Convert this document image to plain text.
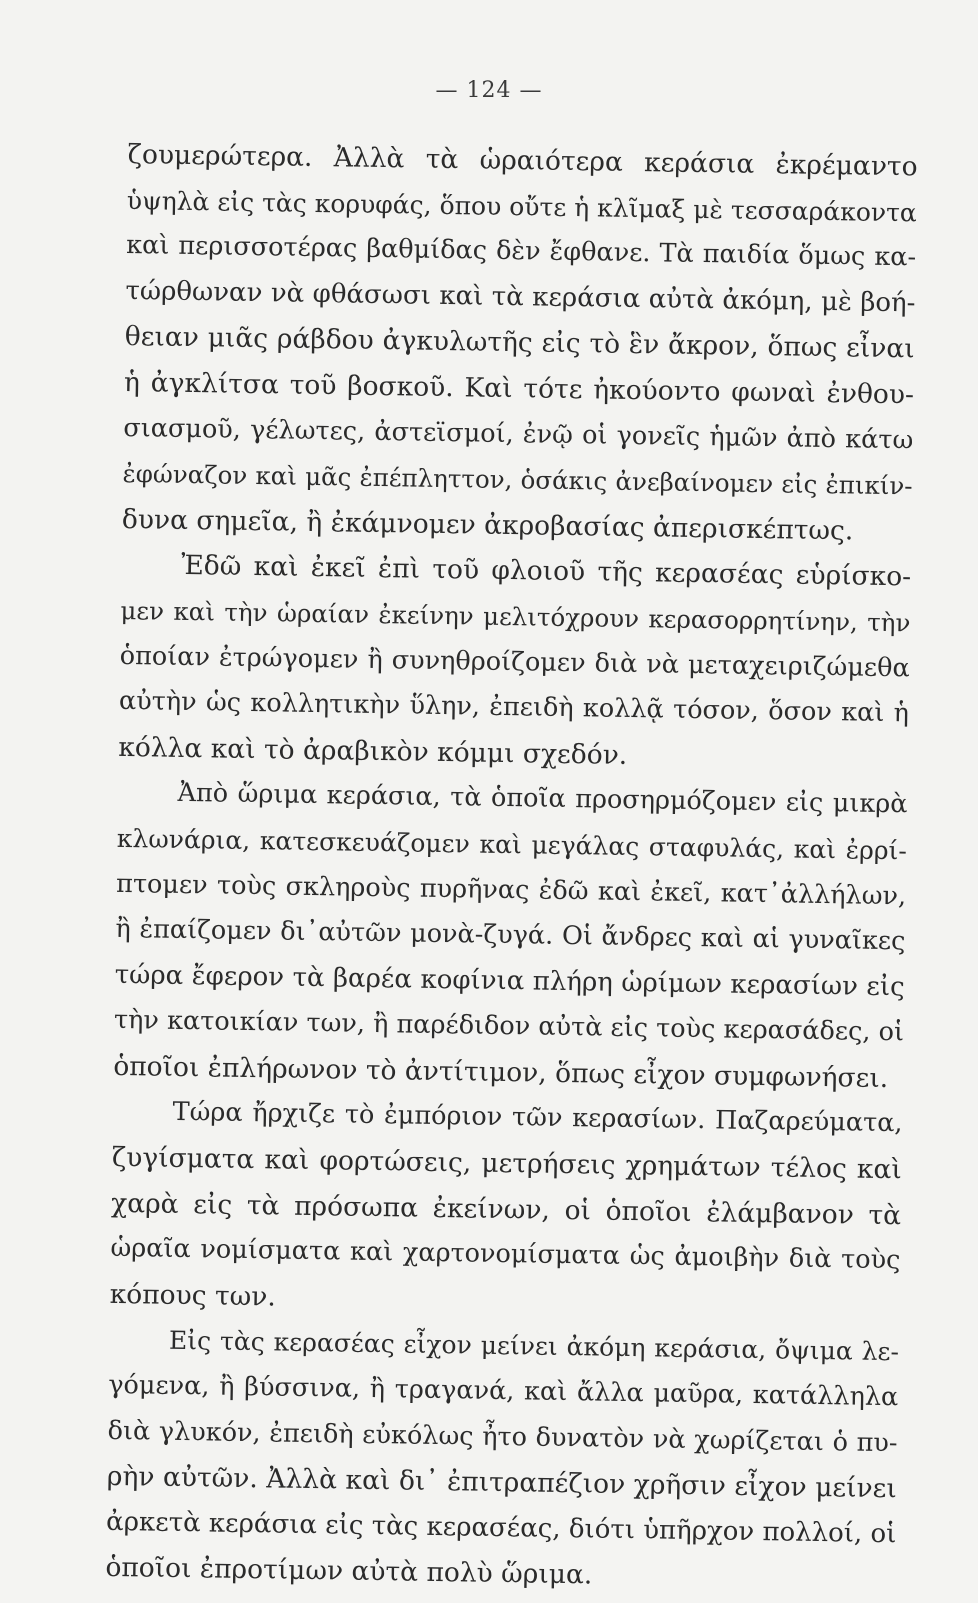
— 124 —
ζουμερώτερα. Ἀλλὰ τὰ ὡραιότερα κεράσια ἐκρέμαντο
ὑψηλὰ εἰς τὰς κορυφάς, ὅπου οὔτε ἡ κλῖμαξ μὲ τεσσαράκοντα
καὶ περισσοτέρας βαθμίδας δὲν ἔφθανε. Τὰ παιδία ὅμως κα-
τώρθωναν νὰ φθάσωσι καὶ τὰ κεράσια αὐτὰ ἀκόμη, μὲ βοή-
θειαν μιᾶς ράβδου ἀγκυλωτῆς εἰς τὸ ἓν ἄκρον, ὅπως εἶναι
ἡ ἀγκλίτσα τοῦ βοσκοῦ. Καὶ τότε ἠκούοντο φωναὶ ἐνθου-
σιασμοῦ, γέλωτες, ἀστεϊσμοί, ἐνῷ οἱ γονεῖς ἡμῶν ἀπὸ κάτω
ἐφώναζον καὶ μᾶς ἐπέπληττον, ὁσάκις ἀνεβαίνομεν εἰς ἐπικίν-
δυνα σημεῖα, ἢ ἐκάμνομεν ἀκροβασίας ἀπερισκέπτως.
Ἐδῶ καὶ ἐκεῖ ἐπὶ τοῦ φλοιοῦ τῆς κερασέας εὑρίσκο-
μεν καὶ τὴν ὡραίαν ἐκείνην μελιτόχρουν κερασορρητίνην, τὴν
ὁποίαν ἐτρώγομεν ἢ συνηθροίζομεν διὰ νὰ μεταχειριζώμεθα
αὐτὴν ὡς κολλητικὴν ὕλην, ἐπειδὴ κολλᾷ τόσον, ὅσον καὶ ἡ
κόλλα καὶ τὸ ἀραβικὸν κόμμι σχεδόν.
Ἀπὸ ὥριμα κεράσια, τὰ ὁποῖα προσηρμόζομεν εἰς μικρὰ
κλωνάρια, κατεσκευάζομεν καὶ μεγάλας σταφυλάς, καὶ ἐρρί-
πτομεν τοὺς σκληροὺς πυρῆνας ἐδῶ καὶ ἐκεῖ, κατ᾽ἀλλήλων,
ἢ ἐπαίζομεν δι᾽αὐτῶν μονὰ-ζυγά. Οἱ ἄνδρες καὶ αἱ γυναῖκες
τώρα ἔφερον τὰ βαρέα κοφίνια πλήρη ὡρίμων κερασίων εἰς
τὴν κατοικίαν των, ἢ παρέδιδον αὐτὰ εἰς τοὺς κερασάδες, οἱ
ὁποῖοι ἐπλήρωνον τὸ ἀντίτιμον, ὅπως εἶχον συμφωνήσει.
Τώρα ἤρχιζε τὸ ἐμπόριον τῶν κερασίων. Παζαρεύματα,
ζυγίσματα καὶ φορτώσεις, μετρήσεις χρημάτων τέλος καὶ
χαρὰ εἰς τὰ πρόσωπα ἐκείνων, οἱ ὁποῖοι ἐλάμβανον τὰ
ὡραῖα νομίσματα καὶ χαρτονομίσματα ὡς ἀμοιβὴν διὰ τοὺς
κόπους των.
Εἰς τὰς κερασέας εἶχον μείνει ἀκόμη κεράσια, ὄψιμα λε-
γόμενα, ἢ βύσσινα, ἢ τραγανά, καὶ ἄλλα μαῦρα, κατάλληλα
διὰ γλυκόν, ἐπειδὴ εὐκόλως ἦτο δυνατὸν νὰ χωρίζεται ὁ πυ-
ρὴν αὐτῶν. Ἀλλὰ καὶ δι᾽ ἐπιτραπέζιον χρῆσιν εἶχον μείνει
ἀρκετὰ κεράσια εἰς τὰς κερασέας, διότι ὑπῆρχον πολλοί, οἱ
ὁποῖοι ἐπροτίμων αὐτὰ πολὺ ὥριμα.
